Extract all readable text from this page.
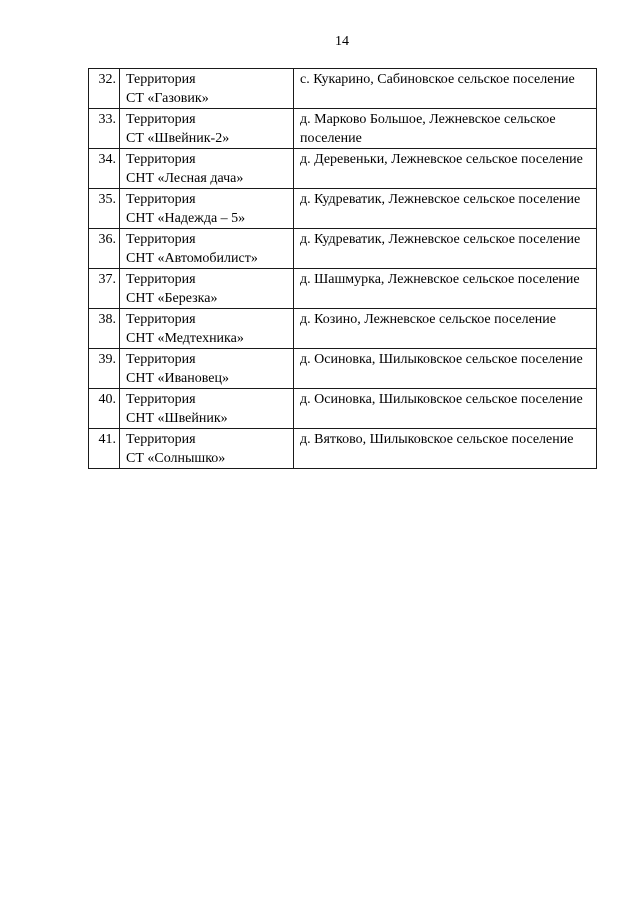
14
32.	Территория
СТ «Газовик»	с. Кукарино, Сабиновское сельское поселение
33.	Территория
СТ «Швейник-2»	д. Марково Большое, Лежневское сельское поселение
34.	Территория
СНТ «Лесная дача»	д. Деревеньки, Лежневское сельское поселение
35.	Территория
СНТ «Надежда – 5»	д. Кудреватик, Лежневское сельское поселение
36.	Территория
СНТ «Автомобилист»	д. Кудреватик, Лежневское сельское поселение
37.	Территория
СНТ «Березка»	д. Шашмурка, Лежневское сельское поселение
38.	Территория
СНТ «Медтехника»	д. Козино, Лежневское сельское поселение
39.	Территория
СНТ «Ивановец»	д. Осиновка, Шилыковское сельское поселение
40.	Территория
СНТ «Швейник»	д. Осиновка, Шилыковское сельское поселение
41.	Территория
СТ «Солнышко»	д. Вятково, Шилыковское сельское поселение
